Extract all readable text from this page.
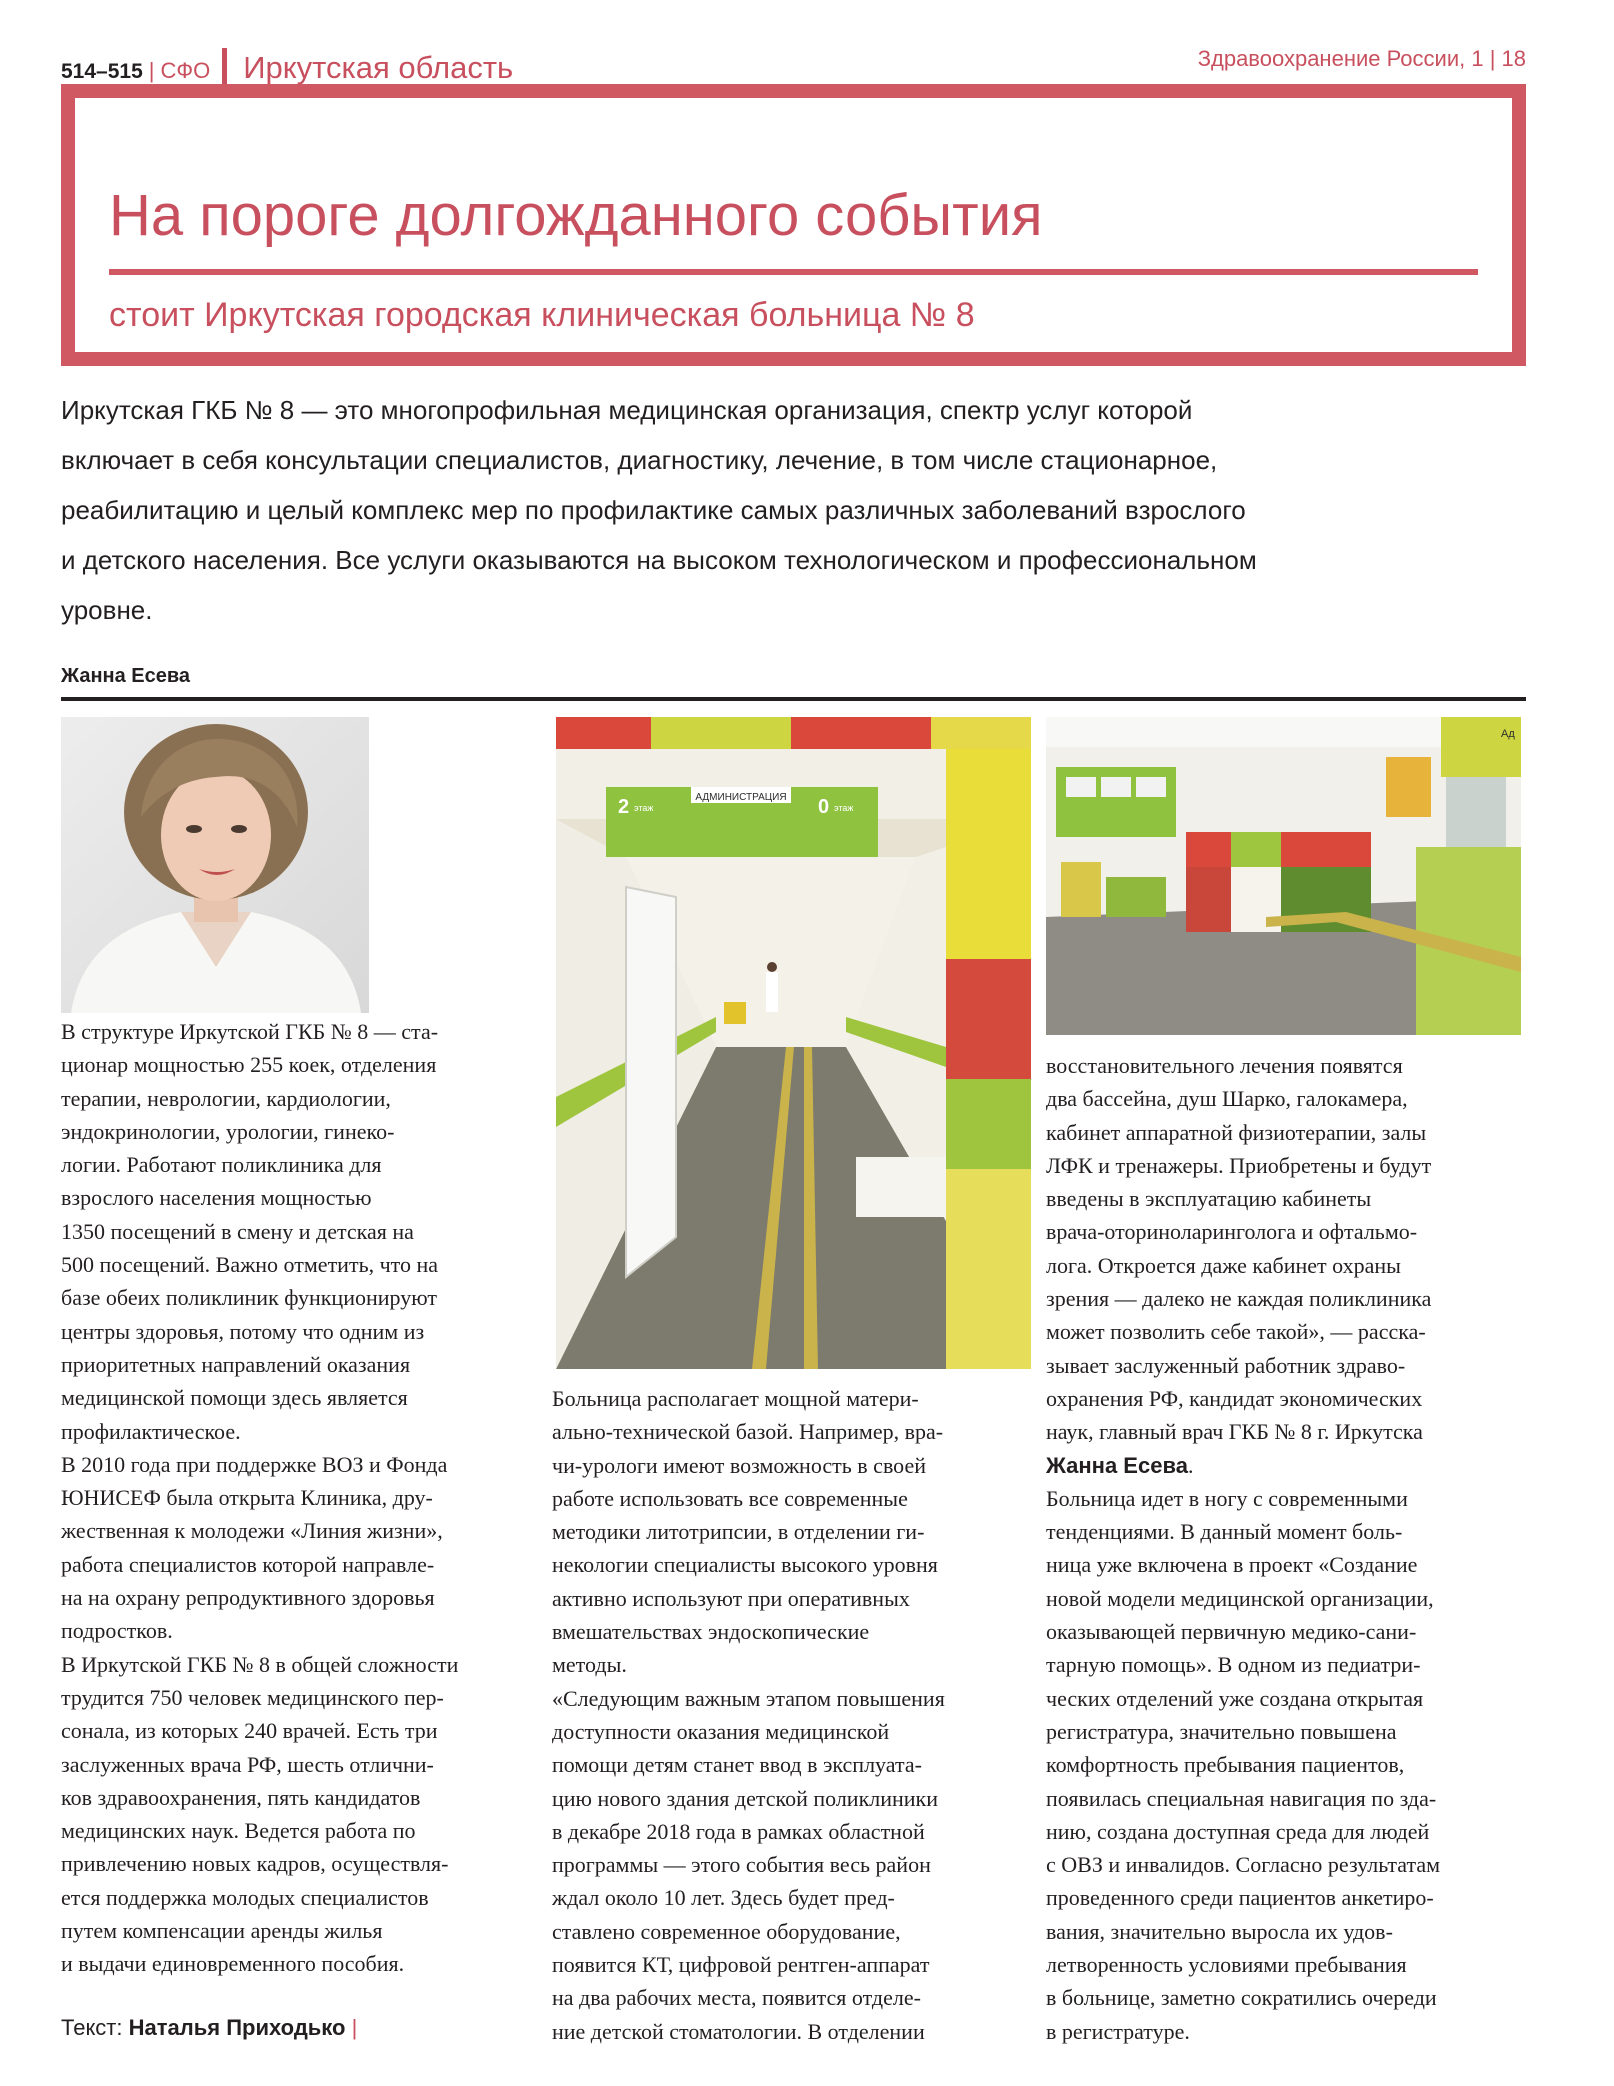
514–515 | СФО Иркутская область	Здравоохранение России, 1 | 18
На пороге долгожданного события
стоит Иркутская городская клиническая больница № 8
Иркутская ГКБ № 8 — это многопрофильная медицинская организация, спектр услуг которой
включает в себя консультации специалистов, диагностику, лечение, в том числе стационарное,
реабилитацию и целый комплекс мер по профилактике самых различных заболеваний взрослого
и детского населения. Все услуги оказываются на высоком технологическом и профессиональном
уровне.
Жанна Есева
АДМИНИСТРАЦИЯ
2 этаж	0 этаж
Ад

В структуре Иркутской ГКБ № 8 — ста-

ционар мощностью 255 коек, отделения

терапии, неврологии, кардиологии,

эндокринологии, урологии, гинеко-

логии. Работают поликлиника для

взрослого населения мощностью

1350 посещений в смену и детская на

500 посещений. Важно отметить, что на

базе обеих поликлиник функционируют

центры здоровья, потому что одним из

приоритетных направлений оказания

медицинской помощи здесь является

профилактическое.

В 2010 года при поддержке ВОЗ и Фонда

ЮНИСЕФ была открыта Клиника, дру-

жественная к молодежи «Линия жизни»,

работа специалистов которой направле-

на на охрану репродуктивного здоровья

подростков.

В Иркутской ГКБ № 8 в общей сложности

трудится 750 человек медицинского пер-

сонала, из которых 240 врачей. Есть три

заслуженных врача РФ, шесть отлични-

ков здравоохранения, пять кандидатов

медицинских наук. Ведется работа по

привлечению новых кадров, осуществля-

ется поддержка молодых специалистов

путем компенсации аренды жилья

и выдачи единовременного пособия.

Больница располагает мощной матери-

ально-технической базой. Например, вра-

чи-урологи имеют возможность в своей

работе использовать все современные

методики литотрипсии, в отделении ги-

некологии специалисты высокого уровня

активно используют при оперативных

вмешательствах эндоскопические

методы.

«Следующим важным этапом повышения

доступности оказания медицинской

помощи детям станет ввод в эксплуата-

цию нового здания детской поликлиники

в декабре 2018 года в рамках областной

программы — этого события весь район

ждал около 10 лет. Здесь будет пред-

ставлено современное оборудование,

появится КТ, цифровой рентген-аппарат

на два рабочих места, появится отделе-

ние детской стоматологии. В отделении

восстановительного лечения появятся

два бассейна, душ Шарко, галокамера,

кабинет аппаратной физиотерапии, залы

ЛФК и тренажеры. Приобретены и будут

введены в эксплуатацию кабинеты

врача-оториноларинголога и офтальмо-

лога. Откроется даже кабинет охраны

зрения — далеко не каждая поликлиника

может позволить себе такой», — расска-

зывает заслуженный работник здраво-

охранения РФ, кандидат экономических

наук, главный врач ГКБ № 8 г. Иркутска

Жанна Есева.

Больница идет в ногу с современными

тенденциями. В данный момент боль-

ница уже включена в проект «Создание

новой модели медицинской организации,

оказывающей первичную медико-сани-

тарную помощь». В одном из педиатри-

ческих отделений уже создана открытая

регистратура, значительно повышена

комфортность пребывания пациентов,

появилась специальная навигация по зда-

нию, создана доступная среда для людей

с ОВЗ и инвалидов. Согласно результатам

проведенного среди пациентов анкетиро-

вания, значительно выросла их удов-

летворенность условиями пребывания

в больнице, заметно сократились очереди

в регистратуре.

Текст: Наталья Приходько |
